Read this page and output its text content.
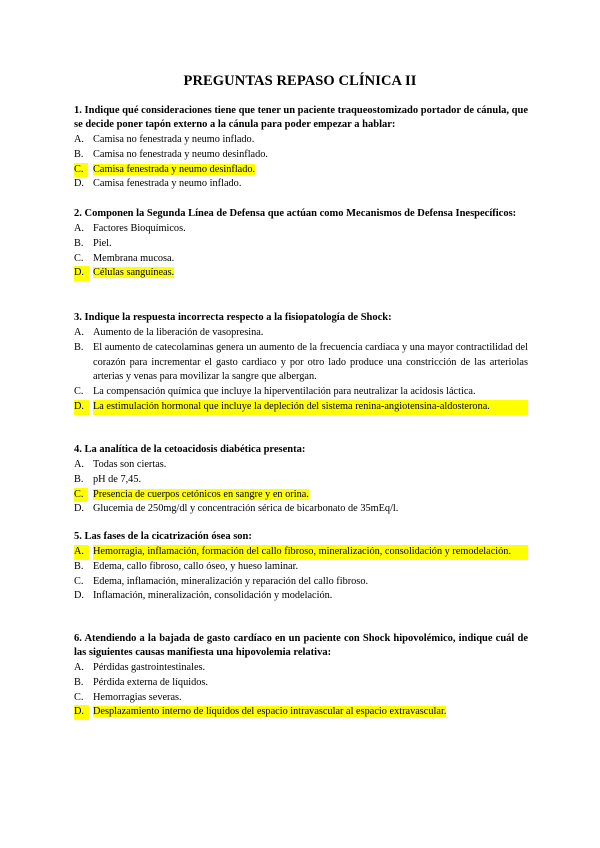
PREGUNTAS REPASO CLÍNICA II
1. Indique qué consideraciones tiene que tener un paciente traqueostomizado portador de cánula, que se decide poner tapón externo a la cánula para poder empezar a hablar:
A. Camisa no fenestrada y neumo inflado.
B. Camisa no fenestrada y neumo desinflado.
C. Camisa fenestrada y neumo desinflado.
D. Camisa fenestrada y neumo inflado.
2. Componen la Segunda Línea de Defensa que actúan como Mecanismos de Defensa Inespecíficos:
A. Factores Bioquímicos.
B. Piel.
C. Membrana mucosa.
D. Células sanguíneas.
3. Indique la respuesta incorrecta respecto a la fisiopatología de Shock:
A. Aumento de la liberación de vasopresina.
B. El aumento de catecolaminas genera un aumento de la frecuencia cardiaca y una mayor contractilidad del corazón para incrementar el gasto cardiaco y por otro lado produce una constricción de las arteriolas arterias y venas para movilizar la sangre que albergan.
C. La compensación química que incluye la hiperventilación para neutralizar la acidosis láctica.
D. La estimulación hormonal que incluye la depleción del sistema renina-angiotensina-aldosterona.
4. La analítica de la cetoacidosis diabética presenta:
A. Todas son ciertas.
B. pH de 7,45.
C. Presencia de cuerpos cetónicos en sangre y en orina.
D. Glucemia de 250mg/dl y concentración sérica de bicarbonato de 35mEq/l.
5. Las fases de la cicatrización ósea son:
A. Hemorragia, inflamación, formación del callo fibroso, mineralización, consolidación y remodelación.
B. Edema, callo fibroso, callo óseo, y hueso laminar.
C. Edema, inflamación, mineralización y reparación del callo fibroso.
D. Inflamación, mineralización, consolidación y modelación.
6. Atendiendo a la bajada de gasto cardíaco en un paciente con Shock hipovolémico, indique cuál de las siguientes causas manifiesta una hipovolemia relativa:
A. Pérdidas gastrointestinales.
B. Pérdida externa de líquidos.
C. Hemorragias severas.
D. Desplazamiento interno de líquidos del espacio intravascular al espacio extravascular.
